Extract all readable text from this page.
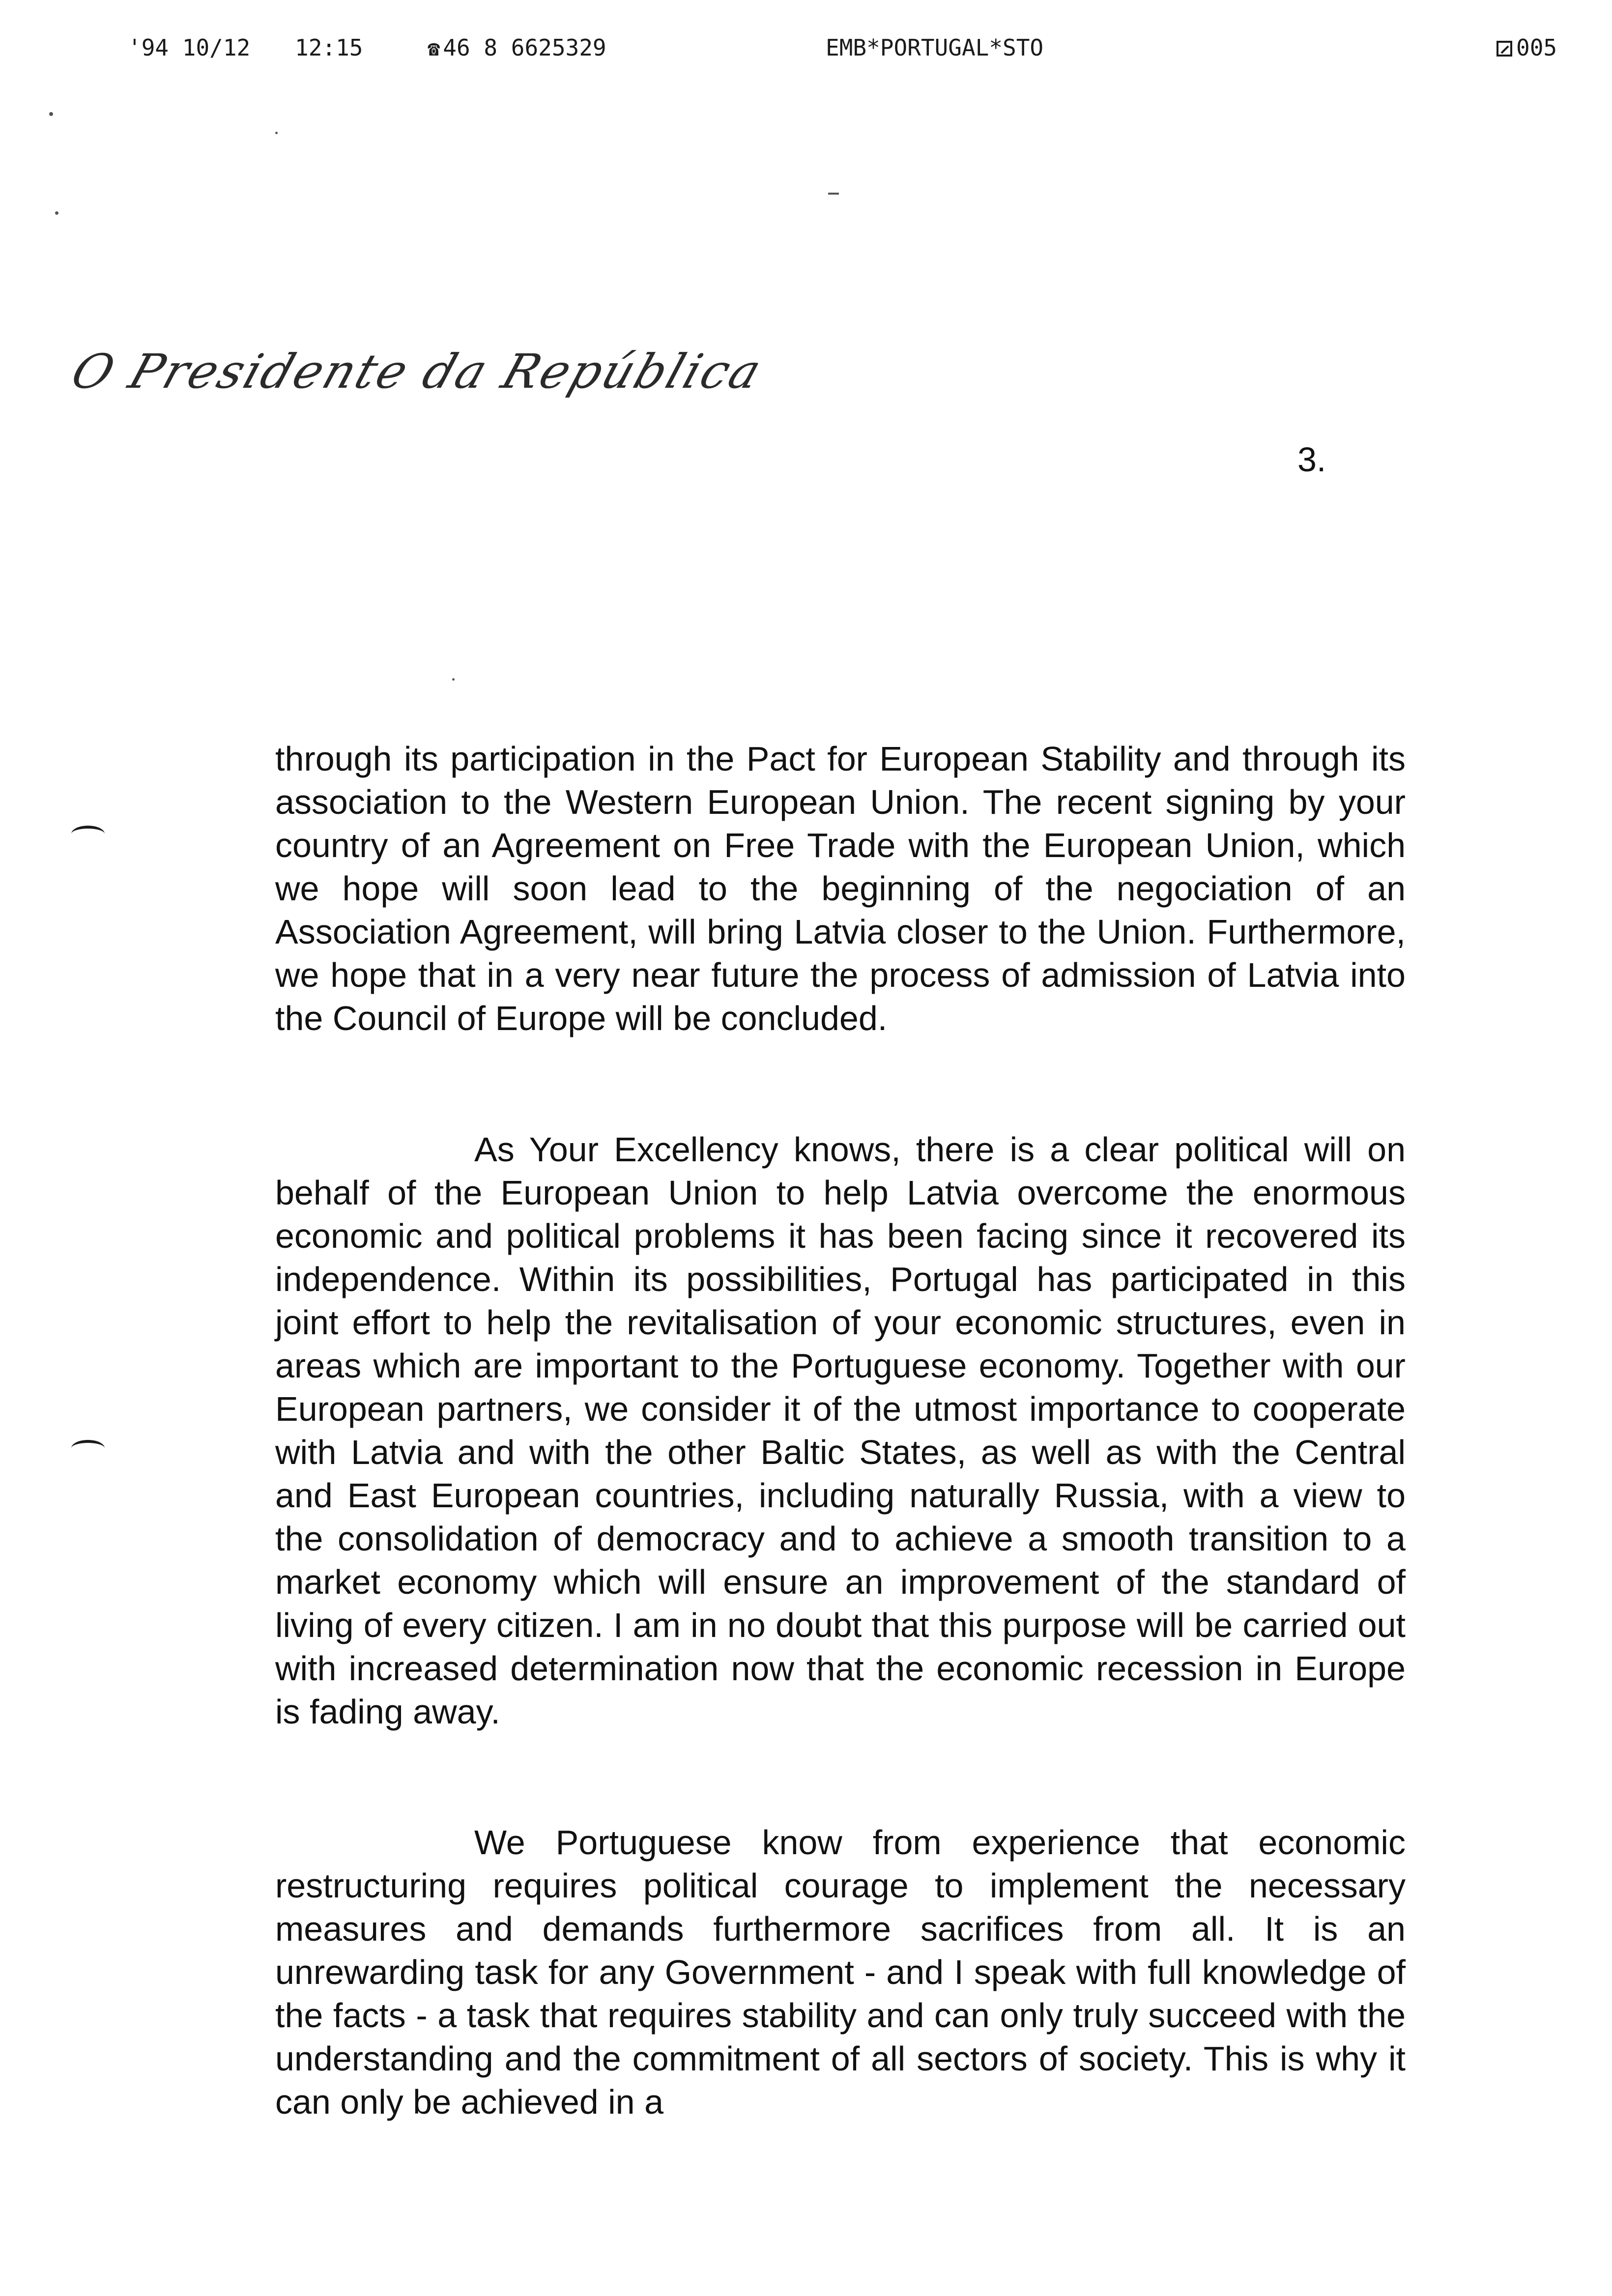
'94 10/12 12:15	☎ 46 8 6625329	EMB*PORTUGAL*STO	005
O Presidente da República
3.

through its participation in the Pact for European Stability and through its association to the Western European Union. The recent signing by your country of an Agreement on Free Trade with the European Union, which we hope will soon lead to the beginning of the negociation of an Association Agreement, will bring Latvia closer to the Union. Furthermore, we hope that in a very near future the process of admission of Latvia into the Council of Europe will be concluded.

As Your Excellency knows, there is a clear political will on behalf of the European Union to help Latvia overcome the enormous economic and political problems it has been facing since it recovered its independence. Within its possibilities, Portugal has participated in this joint effort to help the revitalisation of your economic structures, even in areas which are important to the Portuguese economy. Together with our European partners, we consider it of the utmost importance to cooperate with Latvia and with the other Baltic States, as well as with the Central and East European countries, including naturally Russia, with a view to the consolidation of democracy and to achieve a smooth transition to a market economy which will ensure an improvement of the standard of living of every citizen. I am in no doubt that this purpose will be carried out with increased determination now that the economic recession in Europe is fading away.

We Portuguese know from experience that economic restructuring requires political courage to implement the necessary measures and demands furthermore sacrifices from all. It is an unrewarding task for any Government - and I speak with full knowledge of the facts - a task that requires stability and can only truly succeed with the understanding and the commitment of all sectors of society. This is why it can only be achieved in a
